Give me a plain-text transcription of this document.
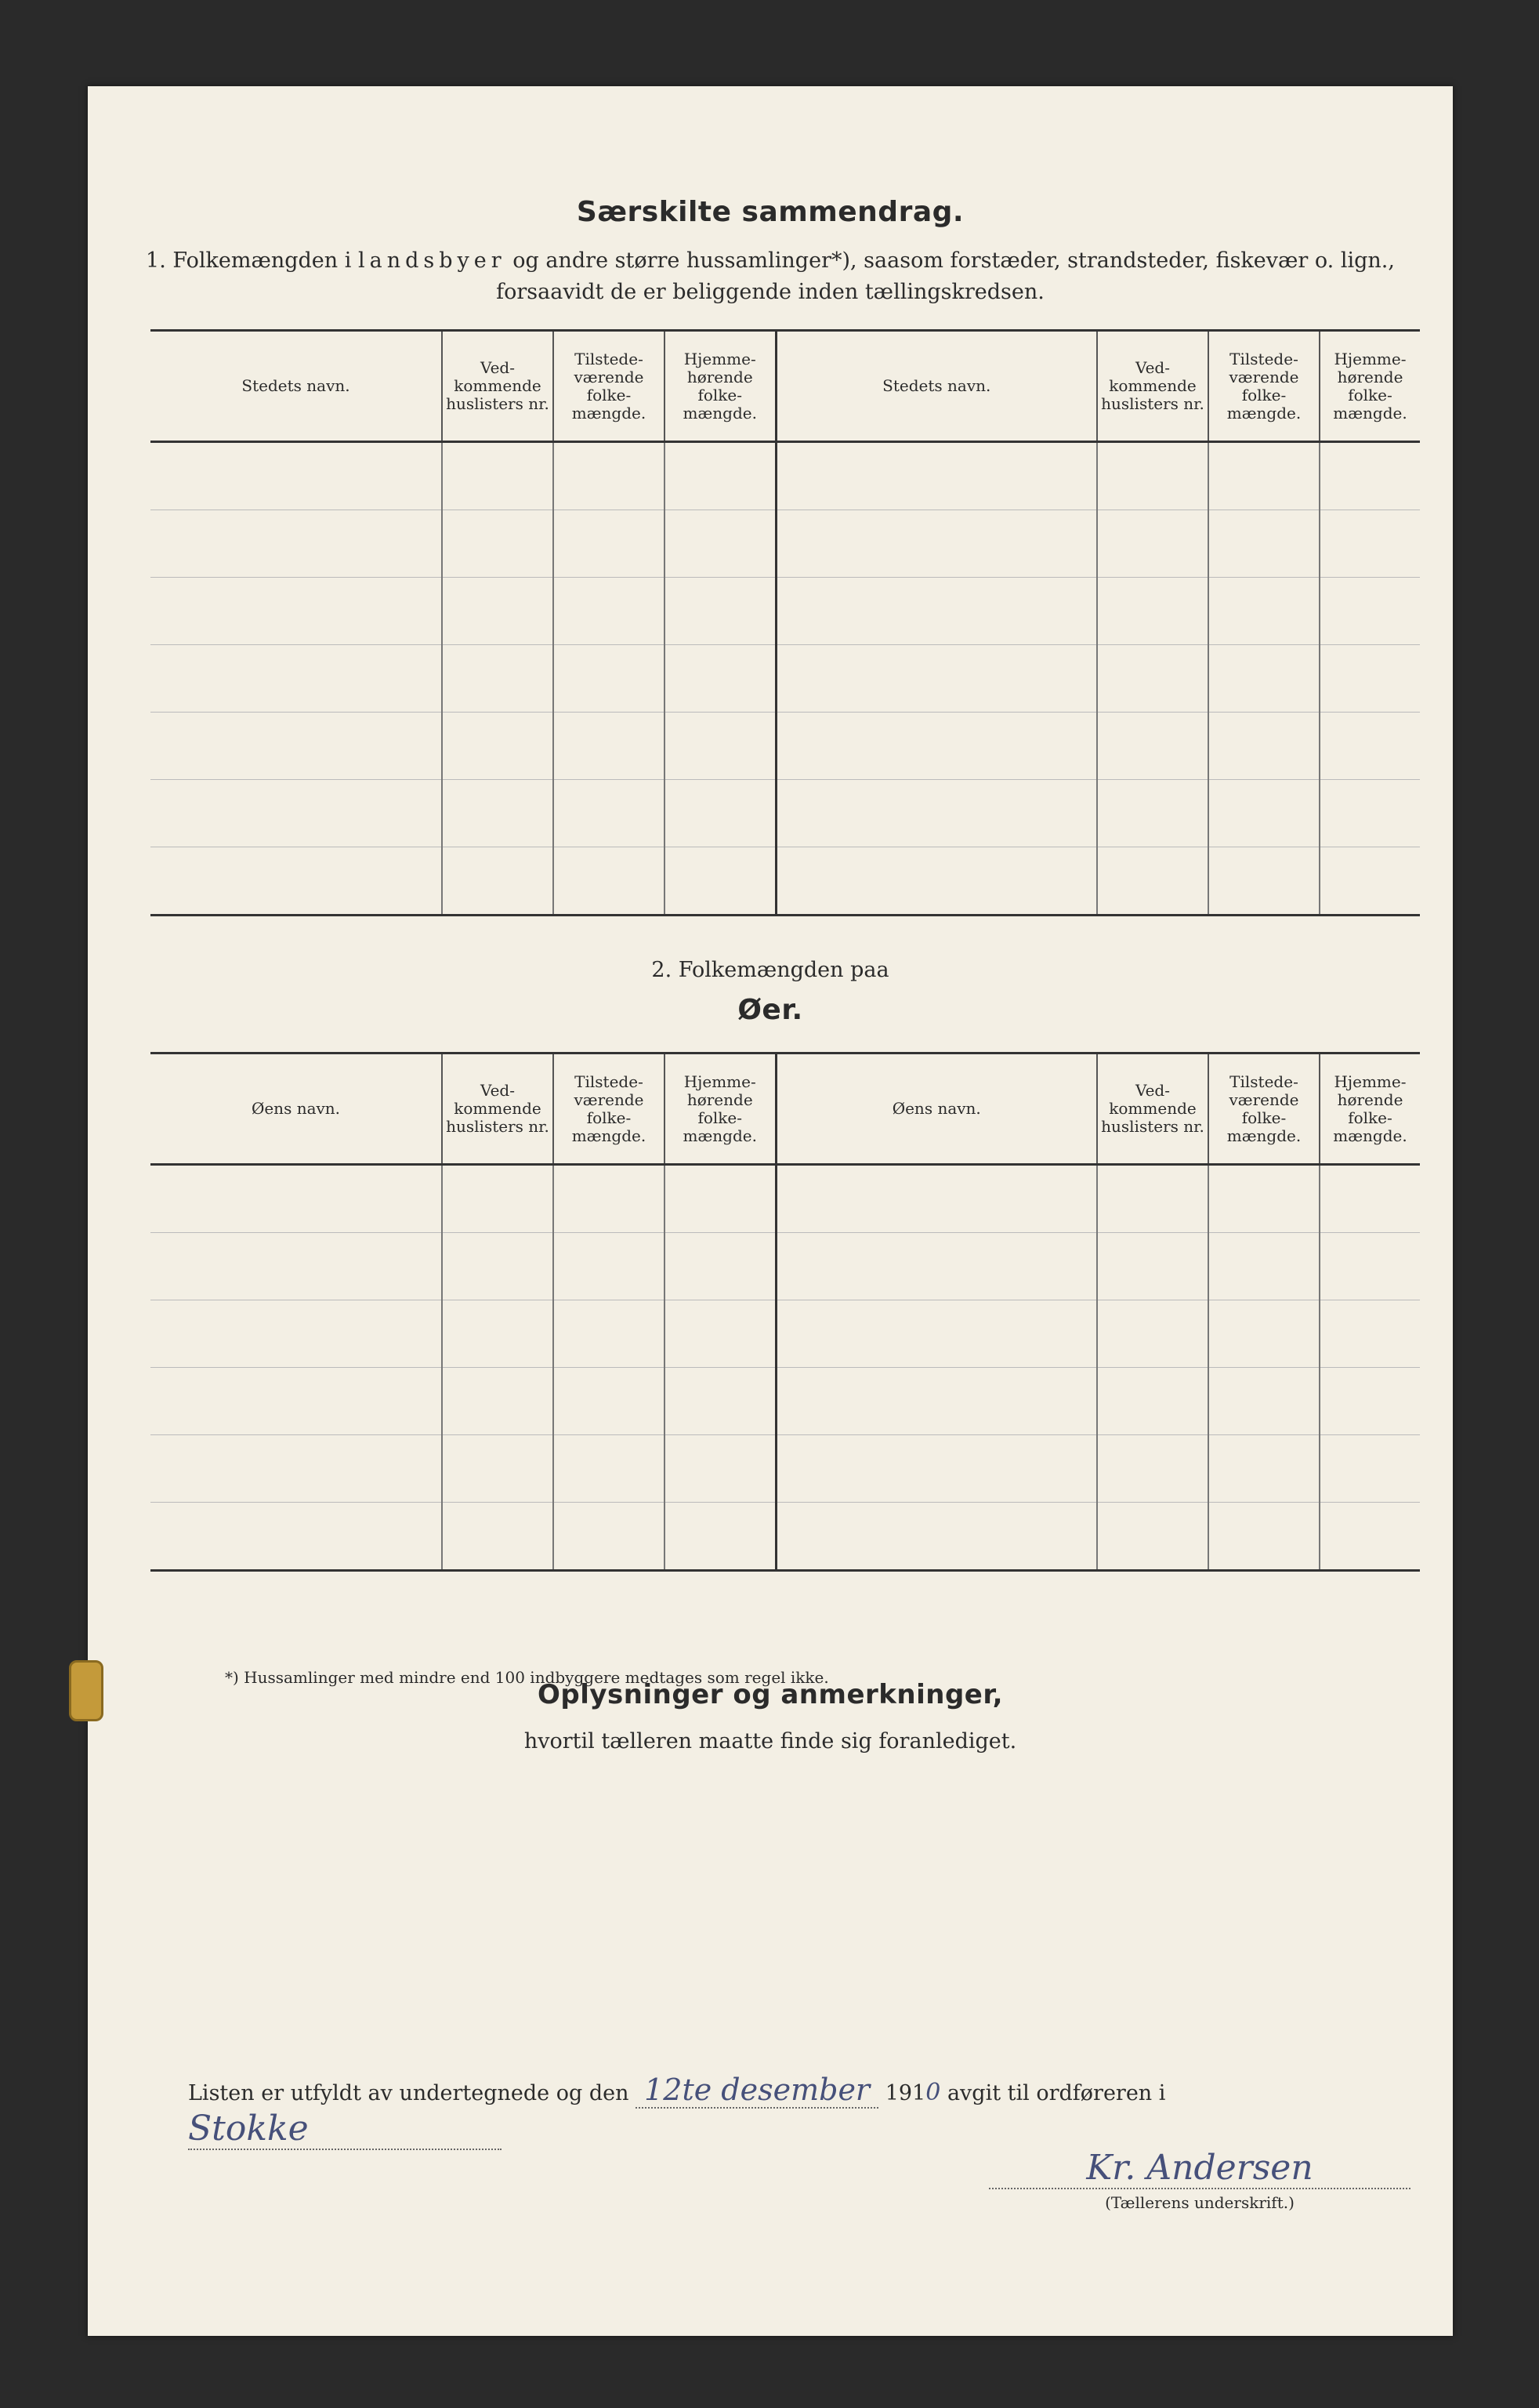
Særskilte sammendrag.
1. Folkemængden i landsbyer og andre større hussamlinger*), saasom forstæder, strandsteder, fiskevær o. lign.,
forsaavidt de er beliggende inden tællingskredsen.
Stedets navn.	Ved-kommende huslisters nr.	Tilstede-værende folke-mængde.	Hjemme-hørende folke-mængde.	Stedets navn.	Ved-kommende huslisters nr.	Tilstede-værende folke-mængde.	Hjemme-hørende folke-mængde.

2. Folkemængden paa
Øer.
Øens navn.	Ved-kommende huslisters nr.	Tilstede-værende folke-mængde.	Hjemme-hørende folke-mængde.	Øens navn.	Ved-kommende huslisters nr.	Tilstede-værende folke-mængde.	Hjemme-hørende folke-mængde.

*) Hussamlinger med mindre end 100 indbyggere medtages som regel ikke.
Oplysninger og anmerkninger,
hvortil tælleren maatte finde sig foranlediget.
Listen er utfyldt av undertegnede og den 12te desember 1910 avgit til ordføreren i Stokke
Kr. Andersen
(Tællerens underskrift.)
